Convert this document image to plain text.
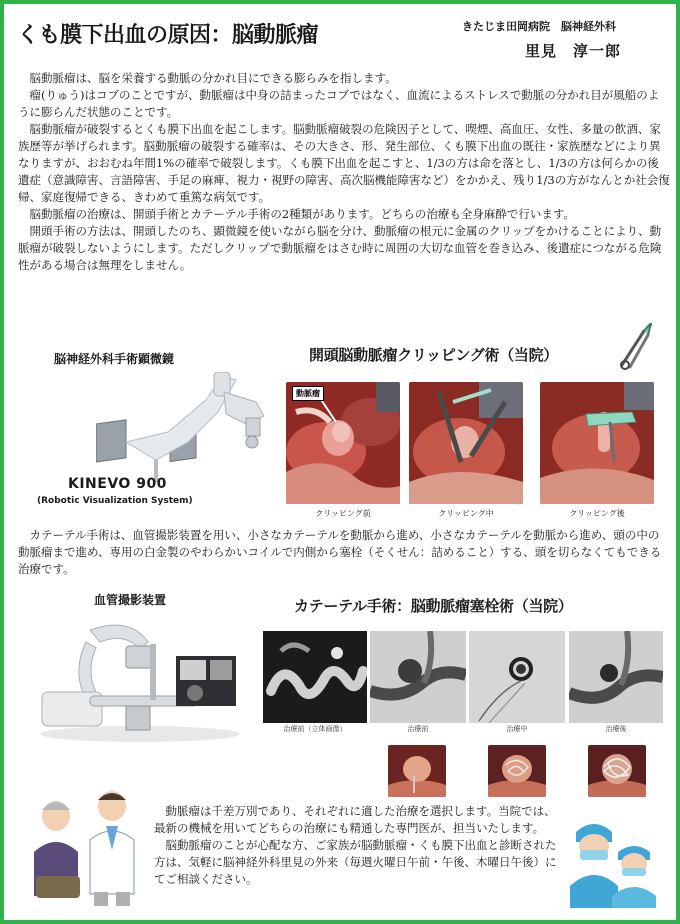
くも膜下出血の原因：脳動脈瘤	きたじま田岡病院　脳神経外科
里見　淳一郎

脳動脈瘤は、脳を栄養する動脈の分かれ目にできる膨らみを指します。

瘤(りゅう)はコブのことですが、動脈瘤は中身の詰まったコブではなく、血流によるストレスで動脈の分かれ目が風船のように膨らんだ状態のことです。

脳動脈瘤が破裂するとくも膜下出血を起こします。脳動脈瘤破裂の危険因子として、喫煙、高血圧、女性、多量の飲酒、家族歴等が挙げられます。脳動脈瘤の破裂する確率は、その大きさ、形、発生部位、くも膜下出血の既往・家族歴などにより異なりますが、おおむね年間1%の確率で破裂します。くも膜下出血を起こすと、1/3の方は命を落とし、1/3の方は何らかの後遺症（意識障害、言語障害、手足の麻痺、視力・視野の障害、高次脳機能障害など）をかかえ、残り1/3の方がなんとか社会復帰、家庭復帰できる、きわめて重篤な病気です。

脳動脈瘤の治療は、開頭手術とカテーテル手術の2種類があります。どちらの治療も全身麻酔で行います。

開頭手術の方法は、開頭したのち、顕微鏡を使いながら脳を分け、動脈瘤の根元に金属のクリップをかけることにより、動脈瘤が破裂しないようにします。ただしクリップで動脈瘤をはさむ時に周囲の大切な血管を巻き込み、後遺症につながる危険性がある場合は無理をしません。

脳神経外科手術顕微鏡	開頭脳動脈瘤クリッピング術（当院）
KINEVO 900
(Robotic Visualization System)
動脈瘤
クリッピング前	クリッピング中	クリッピング後

カテーテル手術は、血管撮影装置を用い、小さなカテーテルを動脈から進め、小さなカテーテルを動脈から進め、頭の中の動脈瘤まで進め、専用の白金製のやわらかいコイルで内側から塞栓（そくせん：詰めること）する、頭を切らなくてもできる治療です。

血管撮影装置	カテーテル手術：脳動脈瘤塞栓術（当院）
治療前（立体画像）	治療前	治療中	治療後

動脈瘤は千差万別であり、それぞれに適した治療を選択します。当院では、最新の機械を用いてどちらの治療にも精通した専門医が、担当いたします。

脳動脈瘤のことが心配な方、ご家族が脳動脈瘤・くも膜下出血と診断された方は、気軽に脳神経外科里見の外来（毎週火曜日午前・午後、木曜日午後）にてご相談ください。
